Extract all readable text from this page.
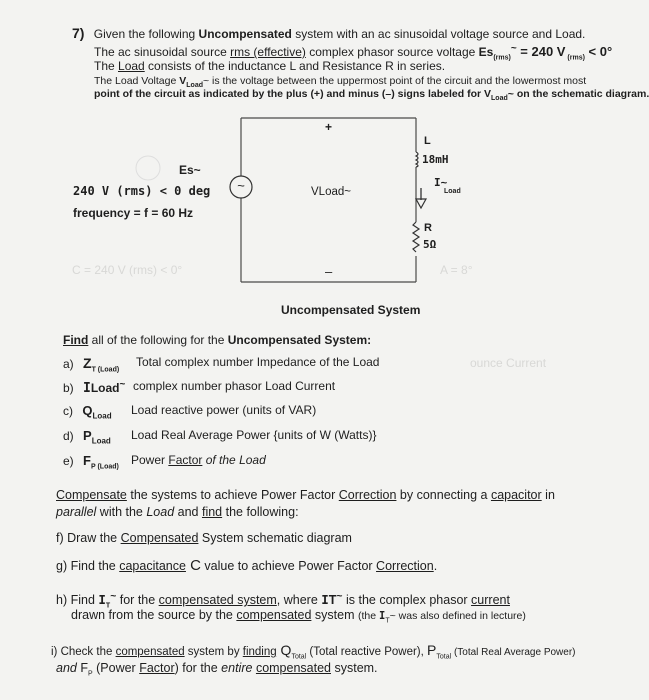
7) Given the following Uncompensated system with an ac sinusoidal voltage source and Load.
The ac sinusoidal source rms (effective) complex phasor source voltage $Es_{(rms)}^\sim = 240$ V $_{(rms)}$ < 0°
The Load consists of the inductance L and Resistance R in series.
The Load Voltage $V_{Load}\sim$ is the voltage between the uppermost point of the circuit and the lowermost most
point of the circuit as indicated by the plus (+) and minus (–) signs labeled for $V_{Load}\sim$ on the schematic diagram.
~
Es~
240 V (rms) < 0 deg
frequency = f = 60 Hz
+
–
VLoad~
L
18mH
I~
Load
R
5Ω
C = 240 V (rms) < 0°	A = 8°
Uncompensated System
Find all of the following for the Uncompensated System:
a) $Z_{T (Load)}$
Total complex number Impedance of the Load	ounce Current
b) ILoad~ complex number phasor Load Current
c) $Q_{Load}$ Load reactive power (units of VAR)
d) $P_{Load}$ Load Real Average Power {units of W (Watts)}
e) $F_{P (Load)}$ Power Factor of the Load
Compensate the systems to achieve Power Factor Correction by connecting a capacitor in
parallel with the Load and find the following:
f) Draw the Compensated System schematic diagram
g) Find the capacitance C value to achieve Power Factor Correction.
h) Find $I_T^\sim$ for the compensated system, where IT~ is the complex phasor current
drawn from the source by the compensated system (the $I_T\sim$ was also defined in lecture)
i) Check the compensated system by finding $Q_{Total}$ (Total reactive Power), $P_{Total}$ (Total Real Average Power)
and $F_P$ (Power Factor) for the entire compensated system.
